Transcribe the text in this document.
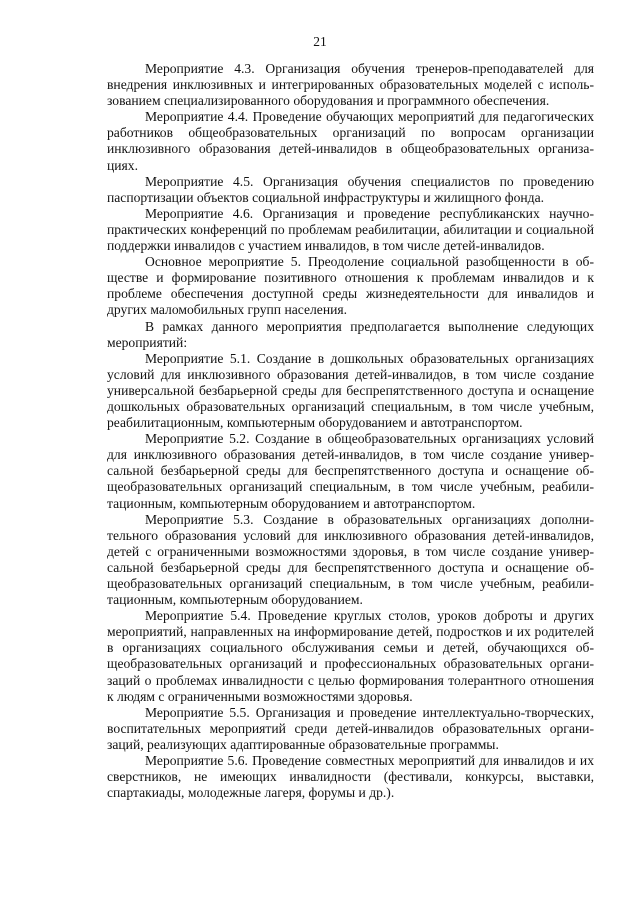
21

Мероприятие 4.3. Организация обучения тренеров-преподавателей для внедрения инклюзивных и интегрированных образовательных моделей с использованием специализированного оборудования и программного обеспечения.

Мероприятие 4.4. Проведение обучающих мероприятий для педагогических работников общеобразовательных организаций по вопросам организации инклюзивного образования детей-инвалидов в общеобразовательных организациях.

Мероприятие 4.5. Организация обучения специалистов по проведению паспортизации объектов социальной инфраструктуры и жилищного фонда.

Мероприятие 4.6. Организация и проведение республиканских научно-практических конференций по проблемам реабилитации, абилитации и социальной поддержки инвалидов с участием инвалидов, в том числе детей-инвалидов.

Основное мероприятие 5. Преодоление социальной разобщенности в обществе и формирование позитивного отношения к проблемам инвалидов и к проблеме обеспечения доступной среды жизнедеятельности для инвалидов и других маломобильных групп населения.

В рамках данного мероприятия предполагается выполнение следующих мероприятий:

Мероприятие 5.1. Создание в дошкольных образовательных организациях условий для инклюзивного образования детей-инвалидов, в том числе создание универсальной безбарьерной среды для беспрепятственного доступа и оснащение дошкольных образовательных организаций специальным, в том числе учебным, реабилитационным, компьютерным оборудованием и автотранспортом.

Мероприятие 5.2. Создание в общеобразовательных организациях условий для инклюзивного образования детей-инвалидов, в том числе создание универсальной безбарьерной среды для беспрепятственного доступа и оснащение общеобразовательных организаций специальным, в том числе учебным, реабилитационным, компьютерным оборудованием и автотранспортом.

Мероприятие 5.3. Создание в образовательных организациях дополнительного образования условий для инклюзивного образования детей-инвалидов, детей с ограниченными возможностями здоровья, в том числе создание универсальной безбарьерной среды для беспрепятственного доступа и оснащение общеобразовательных организаций специальным, в том числе учебным, реабилитационным, компьютерным оборудованием.

Мероприятие 5.4. Проведение круглых столов, уроков доброты и других мероприятий, направленных на информирование детей, подростков и их родителей в организациях социального обслуживания семьи и детей, обучающихся общеобразовательных организаций и профессиональных образовательных организаций о проблемах инвалидности с целью формирования толерантного отношения к людям с ограниченными возможностями здоровья.

Мероприятие 5.5. Организация и проведение интеллектуально-творческих, воспитательных мероприятий среди детей-инвалидов образовательных организаций, реализующих адаптированные образовательные программы.

Мероприятие 5.6. Проведение совместных мероприятий для инвалидов и их сверстников, не имеющих инвалидности (фестивали, конкурсы, выставки, спартакиады, молодежные лагеря, форумы и др.).
